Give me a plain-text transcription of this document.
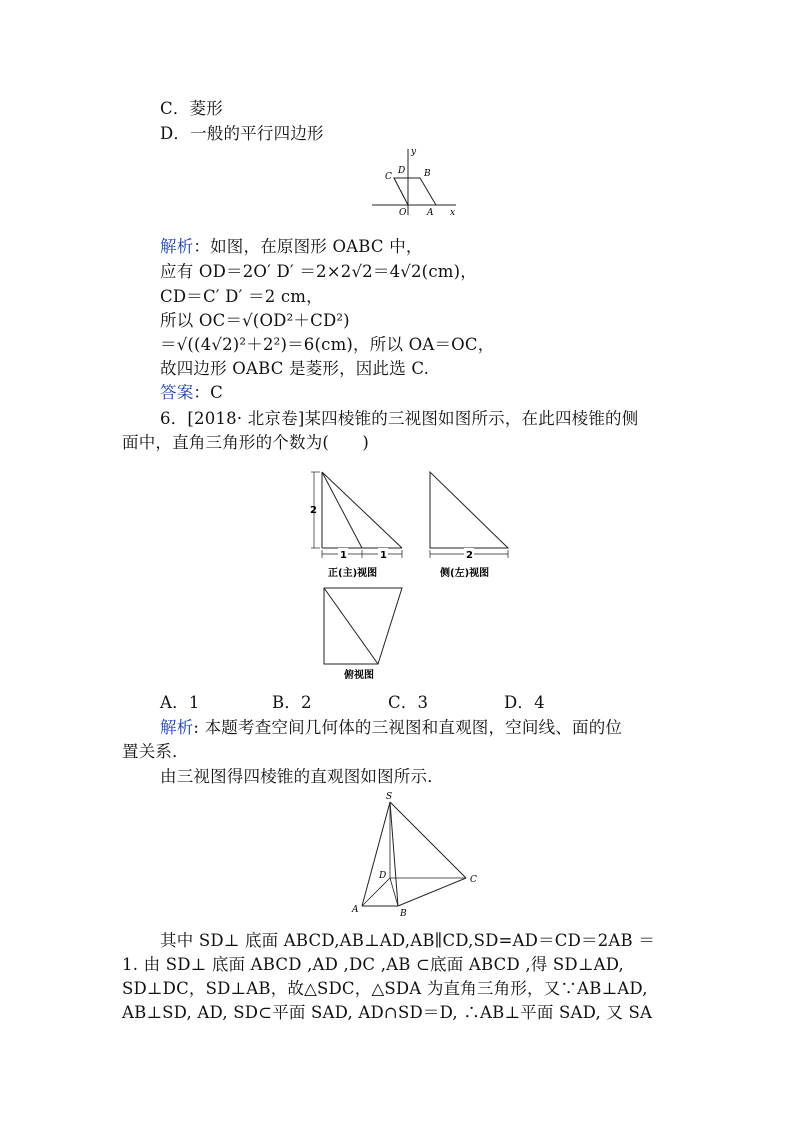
C．菱形
D．一般的平行四边形
y
x
C
D B
O A
解析：如图，在原图形 OABC 中，
应有 OD＝2O′ D′ ＝2×2√2＝4√2(cm)，
CD＝C′ D′ ＝2 cm，
所以 OC＝√(OD²＋CD²)
＝√((4√2)²＋2²)＝6(cm)，所以 OA＝OC，
故四边形 OABC 是菱形，因此选 C.
答案：C
6．[2018· 北京卷]某四棱锥的三视图如图所示，在此四棱锥的侧
面中，直角三角形的个数为(　　)
2
1	1
正(主)视图
2
侧(左)视图
俯视图
A．1	B．2	C．3	D．4
解析: 本题考查空间几何体的三视图和直观图，空间线、面的位
置关系．
由三视图得四棱锥的直观图如图所示．
S
D	C
A	B
其中 SD⊥ 底面 ABCD,AB⊥AD,AB∥CD,SD=AD＝CD＝2AB ＝
1. 由 SD⊥ 底面 ABCD ,AD ,DC ,AB ⊂底面 ABCD ,得 SD⊥AD,
SD⊥DC，SD⊥AB，故△SDC，△SDA 为直角三角形，又∵AB⊥AD,
AB⊥SD, AD, SD⊂平面 SAD, AD∩SD＝D, ∴AB⊥平面 SAD, 又 SA
